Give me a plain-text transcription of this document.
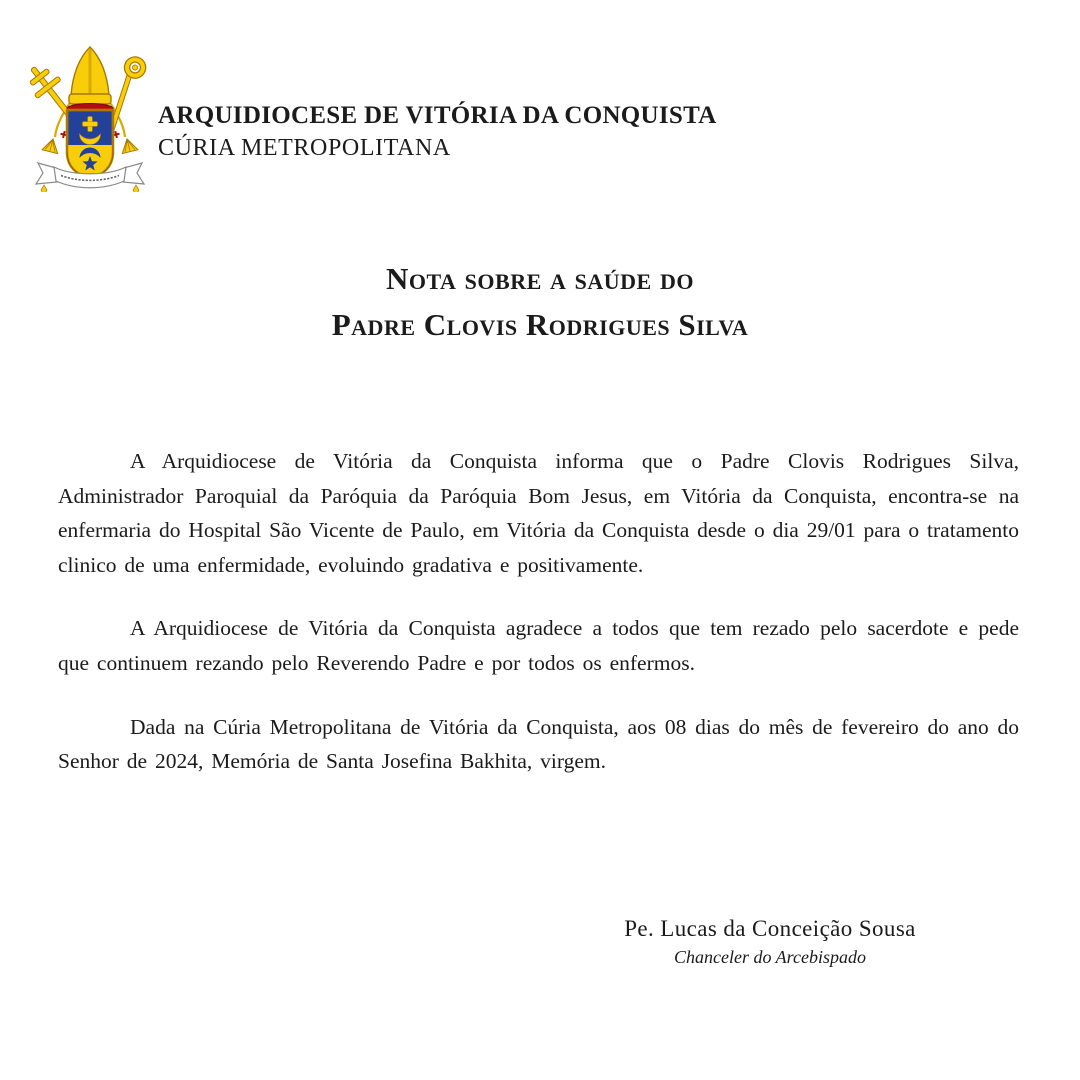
ARQUIDIOCESE DE VITÓRIA DA CONQUISTA
CÚRIA METROPOLITANA
Nota sobre a saúde do
Padre Clovis Rodrigues Silva

A Arquidiocese de Vitória da Conquista informa que o Padre Clovis Rodrigues Silva, Administrador Paroquial da Paróquia da Paróquia Bom Jesus, em Vitória da Conquista, encontra-se na enfermaria do Hospital São Vicente de Paulo, em Vitória da Conquista desde o dia 29/01 para o tratamento clinico de uma enfermidade, evoluindo gradativa e positivamente.

A Arquidiocese de Vitória da Conquista agradece a todos que tem rezado pelo sacerdote e pede que continuem rezando pelo Reverendo Padre e por todos os enfermos.

Dada na Cúria Metropolitana de Vitória da Conquista, aos 08 dias do mês de fevereiro do ano do Senhor de 2024, Memória de Santa Josefina Bakhita, virgem.

Pe. Lucas da Conceição Sousa
Chanceler do Arcebispado
